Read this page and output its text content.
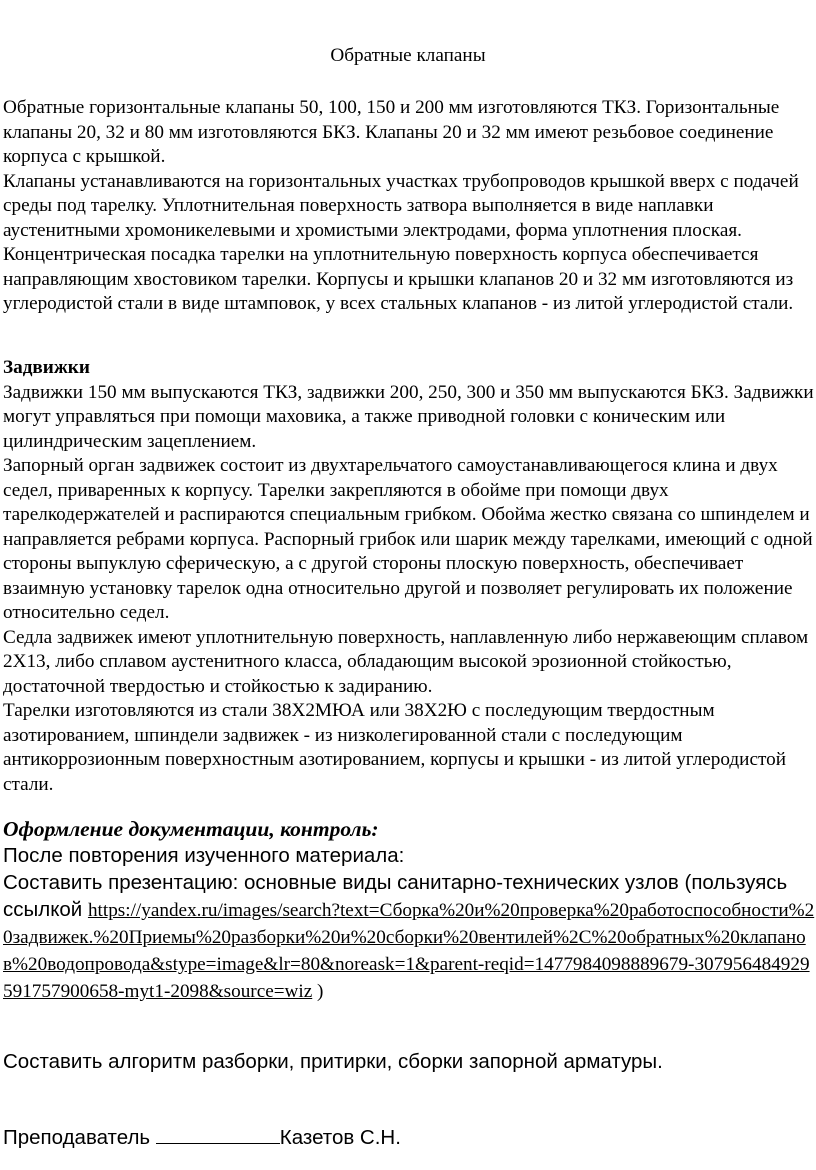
Обратные клапаны

Обратные горизонтальные клапаны 50, 100, 150 и 200 мм изготовляются ТКЗ. Горизонтальные клапаны 20, 32 и 80 мм изготовляются БКЗ. Клапаны 20 и 32 мм имеют резьбовое соединение корпуса с крышкой.

Клапаны устанавливаются на горизонтальных участках трубопроводов крышкой вверх с подачей среды под тарелку. Уплотнительная поверхность затвора выполняется в виде наплавки аустенитными хромоникелевыми и хромистыми электродами, форма уплотнения плоская. Концентрическая посадка тарелки на уплотнительную поверхность корпуса обеспечивается направляющим хвостовиком тарелки. Корпусы и крышки клапанов 20 и 32 мм изготовляются из углеродистой стали в виде штамповок, у всех стальных клапанов - из литой углеродистой стали.

Задвижки

Задвижки 150 мм выпускаются ТКЗ, задвижки 200, 250, 300 и 350 мм выпускаются БКЗ. Задвижки могут управляться при помощи маховика, а также приводной головки с коническим или цилиндрическим зацеплением.

Запорный орган задвижек состоит из двухтарельчатого самоустанавливающегося клина и двух седел, приваренных к корпусу. Тарелки закрепляются в обойме при помощи двух тарелкодержателей и распираются специальным грибком. Обойма жестко связана со шпинделем и направляется ребрами корпуса. Распорный грибок или шарик между тарелками, имеющий с одной стороны выпуклую сферическую, а с другой стороны плоскую поверхность, обеспечивает взаимную установку тарелок одна относительно другой и позволяет регулировать их положение относительно седел.

Седла задвижек имеют уплотнительную поверхность, наплавленную либо нержавеющим сплавом 2Х13, либо сплавом аустенитного класса, обладающим высокой эрозионной стойкостью, достаточной твердостью и стойкостью к задиранию.

Тарелки изготовляются из стали 38Х2МЮА или 38Х2Ю с последующим твердостным азотированием, шпиндели задвижек - из низколегированной стали с последующим антикоррозионным поверхностным азотированием, корпусы и крышки - из литой углеродистой стали.

Оформление документации, контроль:

После повторения изученного материала:

Составить презентацию: основные виды санитарно-технических узлов (пользуясь

ссылкой https://yandex.ru/images/search?text=Сборка%20и%20проверка%20работоспособности%20задвижек.%20Приемы%20разборки%20и%20сборки%20вентилей%2C%20обратных%20клапанов%20водопровода&stype=image&lr=80&noreask=1&parent-reqid=1477984098889679-307956484929591757900658-myt1-2098&source=wiz )

Составить алгоритм разборки, притирки, сборки запорной арматуры.
Преподаватель	Казетов С.Н.
